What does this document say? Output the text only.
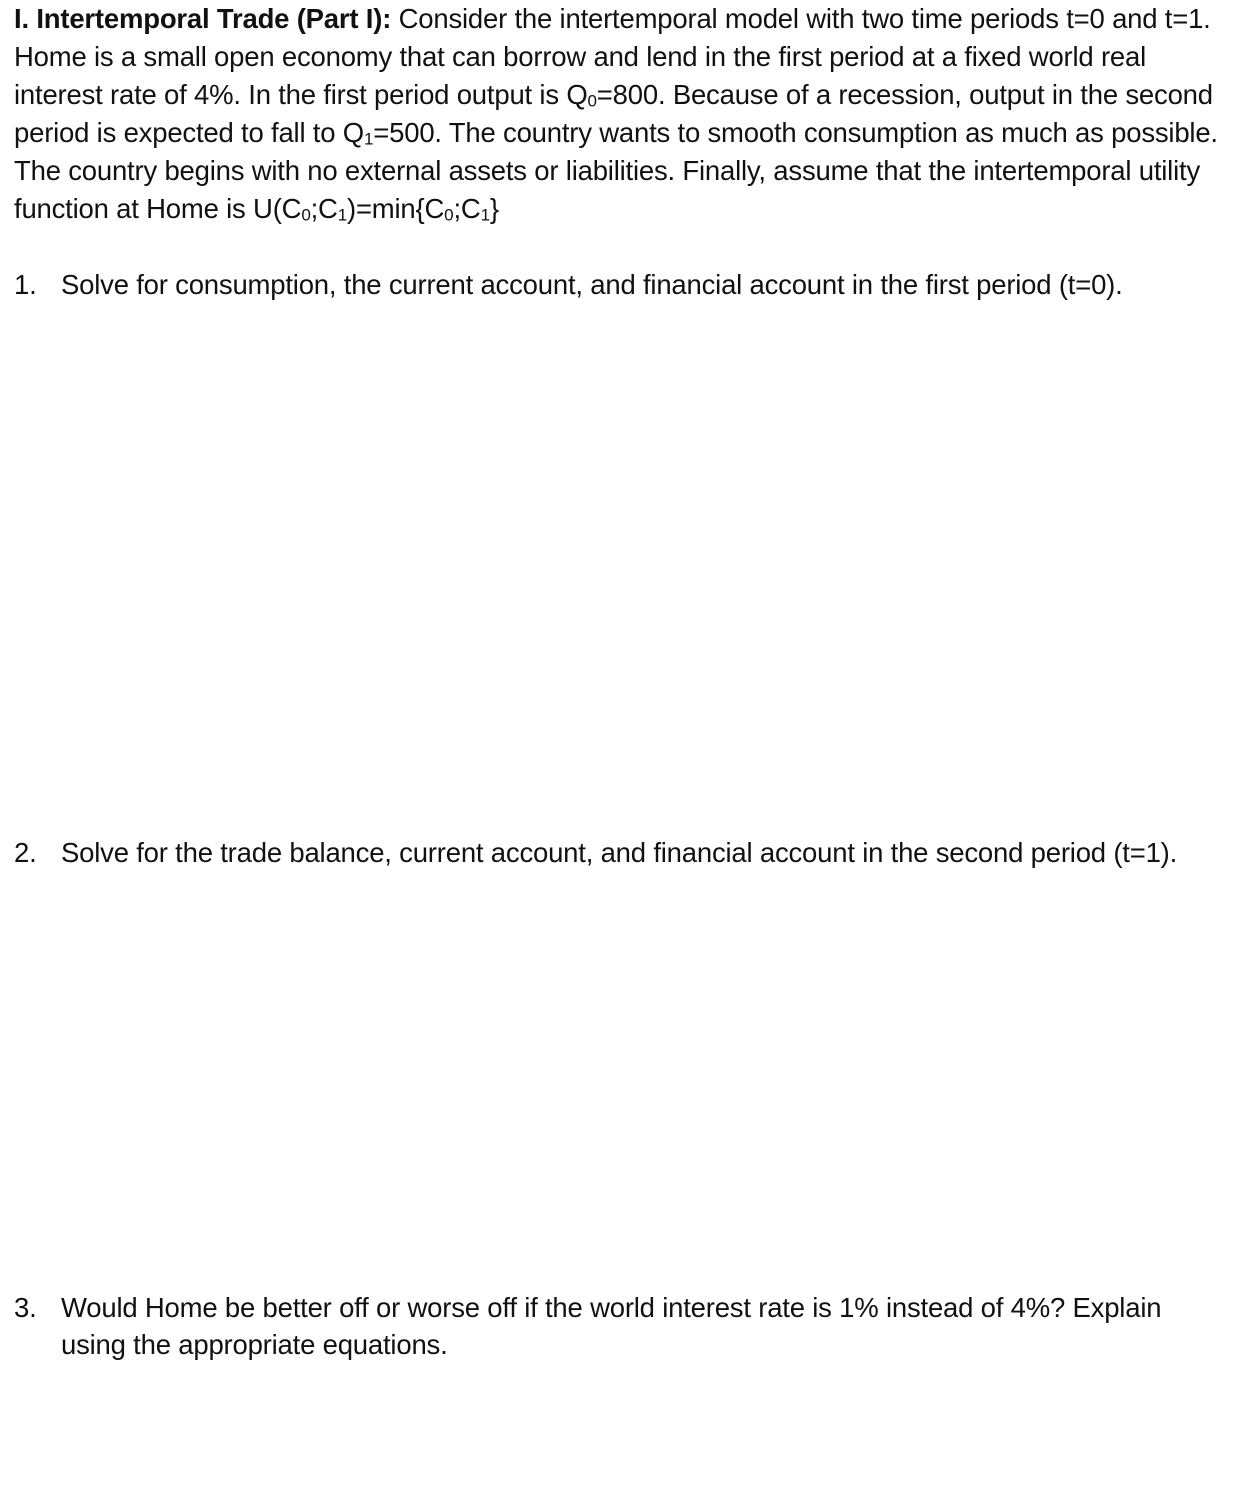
I. Intertemporal Trade (Part I): Consider the intertemporal model with two time periods t=0 and t=1. Home is a small open economy that can borrow and lend in the first period at a fixed world real interest rate of 4%. In the first period output is $Q_0=800$. Because of a recession, output in the second period is expected to fall to $Q_1=500$. The country wants to smooth consumption as much as possible. The country begins with no external assets or liabilities. Finally, assume that the intertemporal utility function at Home is $U(C_0;C_1)=\min\{C_0;C_1\}$
1. Solve for consumption, the current account, and financial account in the first period (t=0).
2. Solve for the trade balance, current account, and financial account in the second period (t=1).
3. Would Home be better off or worse off if the world interest rate is 1% instead of 4%? Explain using the appropriate equations.
